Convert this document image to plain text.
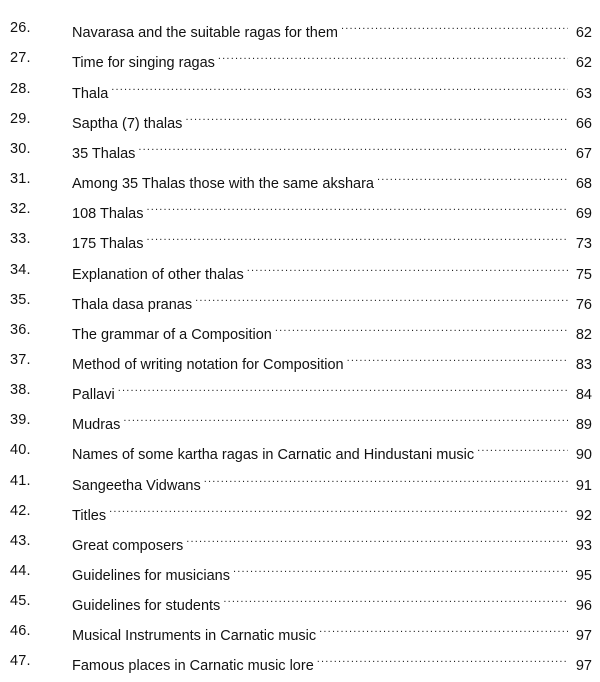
26.	Navarasa and the suitable ragas for them .....	62
27.	Time for singing ragas .....	62
28.	Thala .....	63
29.	Saptha (7) thalas .....	66
30.	35 Thalas .....	67
31.	Among 35 Thalas those with the same akshara .....	68
32.	108 Thalas .....	69
33.	175 Thalas .....	73
34.	Explanation of other thalas .....	75
35.	Thala dasa pranas .....	76
36.	The grammar of a Composition .....	82
37.	Method of writing notation for Composition .....	83
38.	Pallavi .....	84
39.	Mudras .....	89
40.	Names of some kartha ragas in Carnatic and Hindustani music .....	90
41.	Sangeetha Vidwans .....	91
42.	Titles .....	92
43.	Great composers .....	93
44.	Guidelines for musicians .....	95
45.	Guidelines for students .....	96
46.	Musical Instruments in Carnatic music .....	97
47.	Famous places in Carnatic music lore .....	97
